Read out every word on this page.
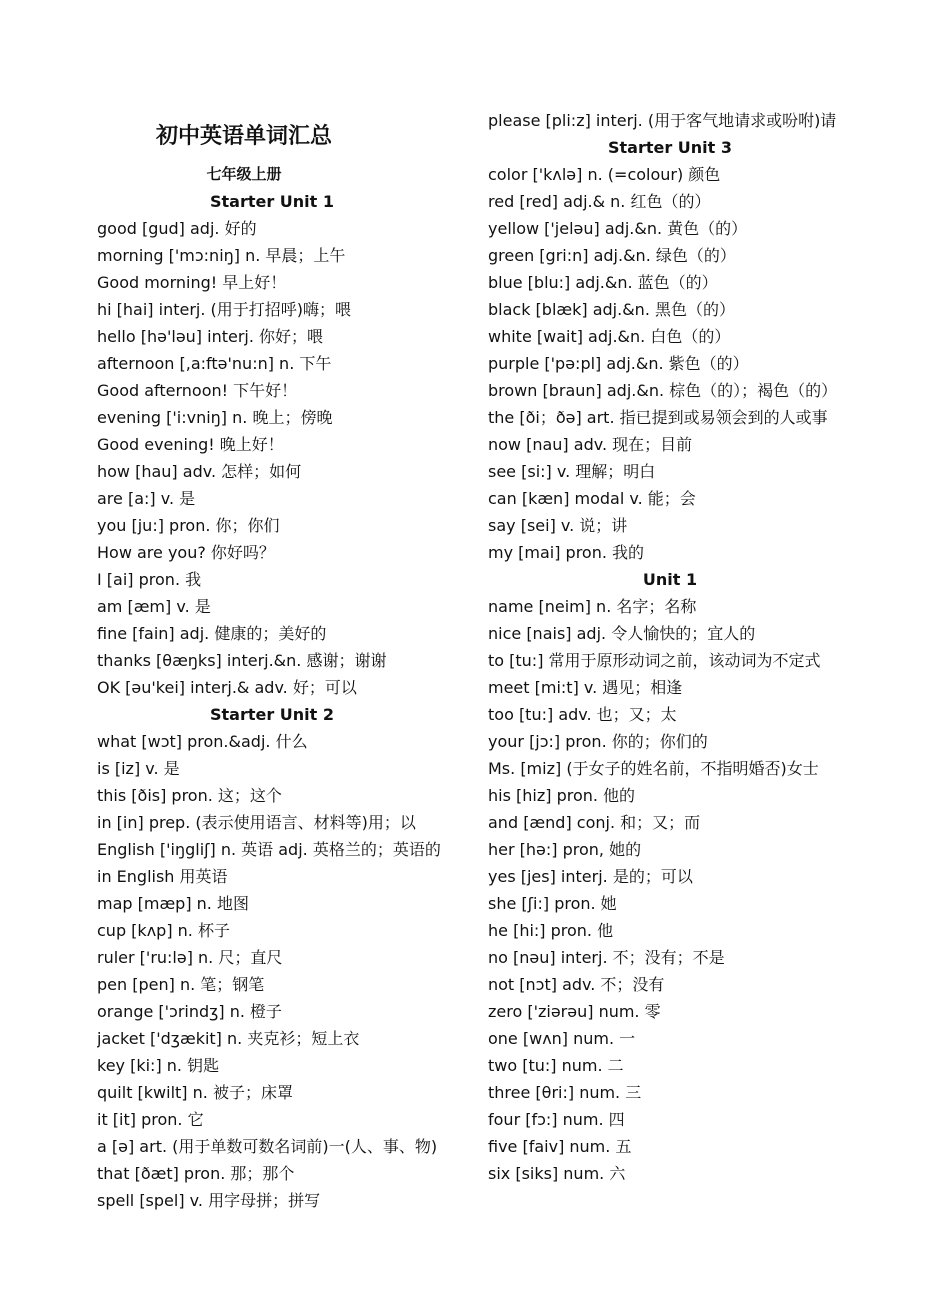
初中英语单词汇总
七年级上册
Starter Unit 1
good [gud] adj. 好的
morning ['mɔ:niŋ] n. 早晨；上午
Good morning! 早上好！
hi [hai] interj. (用于打招呼)嗨；喂
hello [hə'ləu] interj. 你好；喂
afternoon [,a:ftə'nu:n] n. 下午
Good afternoon! 下午好！
evening ['i:vniŋ] n. 晚上；傍晚
Good evening! 晚上好！
how [hau] adv. 怎样；如何
are [a:] v. 是
you [ju:] pron. 你；你们
How are you? 你好吗？
I [ai] pron. 我
am [æm] v. 是
fine [fain] adj. 健康的；美好的
thanks [θæŋks] interj.&n. 感谢；谢谢
OK [əu'kei] interj.& adv. 好；可以
Starter Unit 2
what [wɔt] pron.&adj. 什么
is [iz] v. 是
this [ðis] pron. 这；这个
in [in] prep. (表示使用语言、材料等)用；以
English ['iŋgliʃ] n. 英语 adj. 英格兰的；英语的
in English 用英语
map [mæp] n. 地图
cup [kʌp] n. 杯子
ruler ['ru:lə] n. 尺；直尺
pen [pen] n. 笔；钢笔
orange ['ɔrindʒ] n. 橙子
jacket ['dʒækit] n. 夹克衫；短上衣
key [ki:] n. 钥匙
quilt [kwilt] n. 被子；床罩
it [it] pron. 它
a [ə] art. (用于单数可数名词前)一(人、事、物)
that [ðæt] pron. 那；那个
spell [spel] v. 用字母拼；拼写
please [pli:z] interj. (用于客气地请求或吩咐)请
Starter Unit 3
color ['kʌlə] n. (=colour) 颜色
red [red] adj.& n. 红色（的）
yellow ['jeləu] adj.&n. 黄色（的）
green [gri:n] adj.&n. 绿色（的）
blue [blu:] adj.&n. 蓝色（的）
black [blæk] adj.&n. 黑色（的）
white [wait] adj.&n. 白色（的）
purple ['pə:pl] adj.&n. 紫色（的）
brown [braun] adj.&n. 棕色（的）；褐色（的）
the [ði；ðə] art. 指已提到或易领会到的人或事
now [nau] adv. 现在；目前
see [si:] v. 理解；明白
can [kæn] modal v. 能；会
say [sei] v. 说；讲
my [mai] pron. 我的
Unit 1
name [neim] n. 名字；名称
nice [nais] adj. 令人愉快的；宜人的
to [tu:] 常用于原形动词之前，该动词为不定式
meet [mi:t] v. 遇见；相逢
too [tu:] adv. 也；又；太
your [jɔ:] pron. 你的；你们的
Ms. [miz] (于女子的姓名前，不指明婚否)女士
his [hiz] pron. 他的
and [ænd] conj. 和；又；而
her [hə:] pron, 她的
yes [jes] interj. 是的；可以
she [ʃi:] pron. 她
he [hi:] pron. 他
no [nəu] interj. 不；没有；不是
not [nɔt] adv. 不；没有
zero ['ziərəu] num. 零
one [wʌn] num. 一
two [tu:] num. 二
three [θri:] num. 三
four [fɔ:] num. 四
five [faiv] num. 五
six [siks] num. 六
